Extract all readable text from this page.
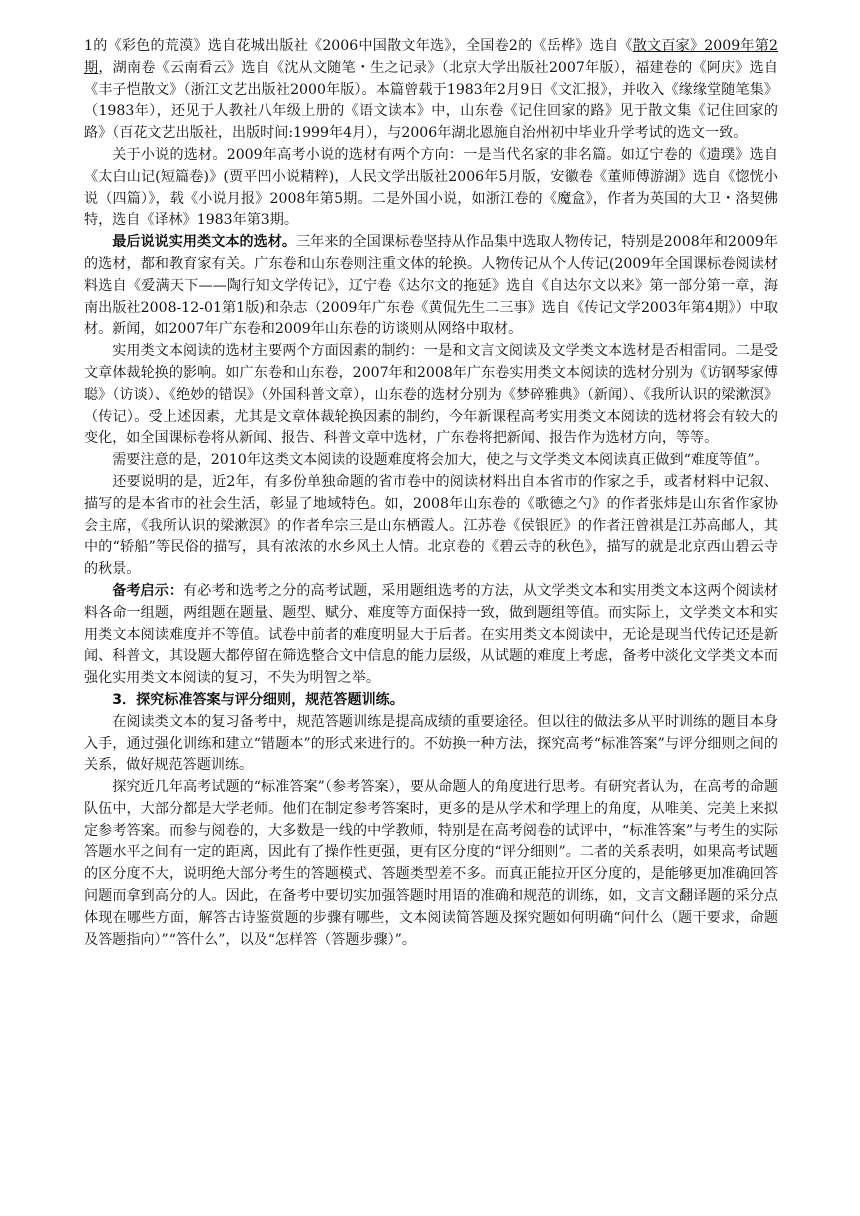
1的《彩色的荒漠》选自花城出版社《2006中国散文年选》，全国卷2的《岳桦》选自《散文百家》2009年第2期，湖南卷《云南看云》选自《沈从文随笔・生之记录》（北京大学出版社2007年版），福建卷的《阿庆》选自《丰子恺散文》（浙江文艺出版社2000年版）。本篇曾载于1983年2月9日《文汇报》，并收入《缘缘堂随笔集》（1983年），还见于人教社八年级上册的《语文读本》中，山东卷《记住回家的路》见于散文集《记住回家的路》（百花文艺出版社，出版时间:1999年4月），与2006年湖北恩施自治州初中毕业升学考试的选文一致。

关于小说的选材。2009年高考小说的选材有两个方向：一是当代名家的非名篇。如辽宁卷的《遗璞》选自《太白山记(短篇卷)》(贾平凹小说精粹)，人民文学出版社2006年5月版，安徽卷《董师傅游湖》选自《惚恍小说（四篇）》，载《小说月报》2008年第5期。二是外国小说，如浙江卷的《魔盒》，作者为英国的大卫・洛契佛特，选自《译林》1983年第3期。

最后说说实用类文本的选材。三年来的全国课标卷坚持从作品集中选取人物传记，特别是2008年和2009年的选材，都和教育家有关。广东卷和山东卷则注重文体的轮换。人物传记从个人传记(2009年全国课标卷阅读材料选自《爱满天下——陶行知文学传记》，辽宁卷《达尔文的拖延》选自《自达尔文以来》第一部分第一章，海南出版社2008-12-01第1版)和杂志（2009年广东卷《黄侃先生二三事》选自《传记文学2003年第4期》）中取材。新闻，如2007年广东卷和2009年山东卷的访谈则从网络中取材。

实用类文本阅读的选材主要两个方面因素的制约：一是和文言文阅读及文学类文本选材是否相雷同。二是受文章体裁轮换的影响。如广东卷和山东卷，2007年和2008年广东卷实用类文本阅读的选材分别为《访钢琴家傅聪》（访谈）、《绝妙的错误》（外国科普文章），山东卷的选材分别为《梦碎雅典》（新闻）、《我所认识的梁漱溟》（传记）。受上述因素，尤其是文章体裁轮换因素的制约，今年新课程高考实用类文本阅读的选材将会有较大的变化，如全国课标卷将从新闻、报告、科普文章中选材，广东卷将把新闻、报告作为选材方向，等等。

需要注意的是，2010年这类文本阅读的设题难度将会加大，使之与文学类文本阅读真正做到“难度等值”。

还要说明的是，近2年，有多份单独命题的省市卷中的阅读材料出自本省市的作家之手，或者材料中记叙、描写的是本省市的社会生活，彰显了地域特色。如，2008年山东卷的《歌德之勺》的作者张炜是山东省作家协会主席，《我所认识的梁漱溟》的作者牟宗三是山东栖霞人。江苏卷《侯银匠》的作者汪曾祺是江苏高邮人，其中的“轿船”等民俗的描写，具有浓浓的水乡风土人情。北京卷的《碧云寺的秋色》，描写的就是北京西山碧云寺的秋景。

备考启示：有必考和选考之分的高考试题，采用题组选考的方法，从文学类文本和实用类文本这两个阅读材料各命一组题，两组题在题量、题型、赋分、难度等方面保持一致，做到题组等值。而实际上，文学类文本和实用类文本阅读难度并不等值。试卷中前者的难度明显大于后者。在实用类文本阅读中，无论是现当代传记还是新闻、科普文，其设题大都停留在筛选整合文中信息的能力层级，从试题的难度上考虑，备考中淡化文学类文本而强化实用类文本阅读的复习，不失为明智之举。

3．探究标准答案与评分细则，规范答题训练。

在阅读类文本的复习备考中，规范答题训练是提高成绩的重要途径。但以往的做法多从平时训练的题目本身入手，通过强化训练和建立“错题本”的形式来进行的。不妨换一种方法，探究高考“标准答案”与评分细则之间的关系，做好规范答题训练。

探究近几年高考试题的“标准答案”（参考答案），要从命题人的角度进行思考。有研究者认为，在高考的命题队伍中，大部分都是大学老师。他们在制定参考答案时，更多的是从学术和学理上的角度，从唯美、完美上来拟定参考答案。而参与阅卷的，大多数是一线的中学教师，特别是在高考阅卷的试评中，“标准答案”与考生的实际答题水平之间有一定的距离，因此有了操作性更强，更有区分度的“评分细则”。二者的关系表明，如果高考试题的区分度不大，说明绝大部分考生的答题模式、答题类型差不多。而真正能拉开区分度的，是能够更加准确回答问题而拿到高分的人。因此，在备考中要切实加强答题时用语的准确和规范的训练，如，文言文翻译题的采分点体现在哪些方面，解答古诗鉴赏题的步骤有哪些，文本阅读简答题及探究题如何明确“问什么（题干要求，命题及答题指向）”“答什么”，以及“怎样答（答题步骤）”。
